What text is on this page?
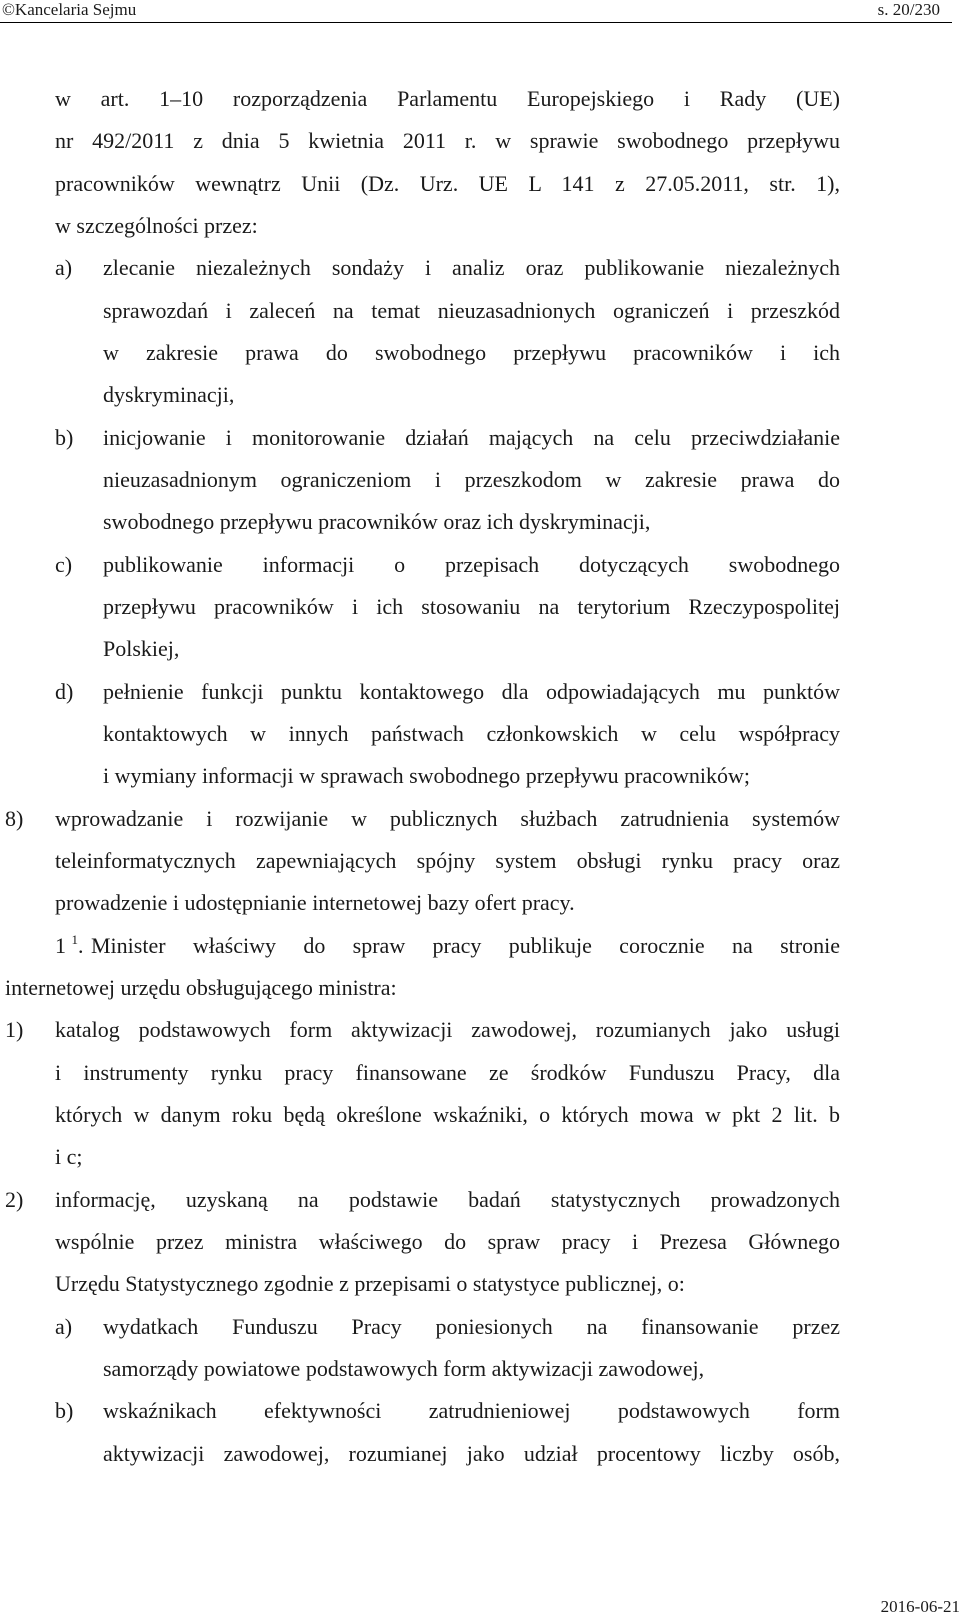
©Kancelaria Sejmu	s. 20/230
w art. 1–10 rozporządzenia Parlamentu Europejskiego i Rady (UE)
nr 492/2011 z dnia 5 kwietnia 2011 r. w sprawie swobodnego przepływu
pracowników wewnątrz Unii (Dz. Urz. UE L 141 z 27.05.2011, str. 1),
w szczególności przez:
a) zlecanie niezależnych sondaży i analiz oraz publikowanie niezależnych
sprawozdań i zaleceń na temat nieuzasadnionych ograniczeń i przeszkód
w zakresie prawa do swobodnego przepływu pracowników i ich
dyskryminacji,
b) inicjowanie i monitorowanie działań mających na celu przeciwdziałanie
nieuzasadnionym ograniczeniom i przeszkodom w zakresie prawa do
swobodnego przepływu pracowników oraz ich dyskryminacji,
c) publikowanie informacji o przepisach dotyczących swobodnego
przepływu pracowników i ich stosowaniu na terytorium Rzeczypospolitej
Polskiej,
d) pełnienie funkcji punktu kontaktowego dla odpowiadających mu punktów
kontaktowych w innych państwach członkowskich w celu współpracy
i wymiany informacji w sprawach swobodnego przepływu pracowników;
8) wprowadzanie i rozwijanie w publicznych służbach zatrudnienia systemów
teleinformatycznych zapewniających spójny system obsługi rynku pracy oraz
prowadzenie i udostępnianie internetowej bazy ofert pracy.
1 $^1$. Minister właściwy do spraw pracy publikuje corocznie na stronie
internetowej urzędu obsługującego ministra:
1) katalog podstawowych form aktywizacji zawodowej, rozumianych jako usługi
i instrumenty rynku pracy finansowane ze środków Funduszu Pracy, dla
których w danym roku będą określone wskaźniki, o których mowa w pkt 2 lit. b
i c;
2) informację, uzyskaną na podstawie badań statystycznych prowadzonych
wspólnie przez ministra właściwego do spraw pracy i Prezesa Głównego
Urzędu Statystycznego zgodnie z przepisami o statystyce publicznej, o:
a) wydatkach Funduszu Pracy poniesionych na finansowanie przez
samorządy powiatowe podstawowych form aktywizacji zawodowej,
b) wskaźnikach efektywności zatrudnieniowej podstawowych form
aktywizacji zawodowej, rozumianej jako udział procentowy liczby osób,
2016-06-21
